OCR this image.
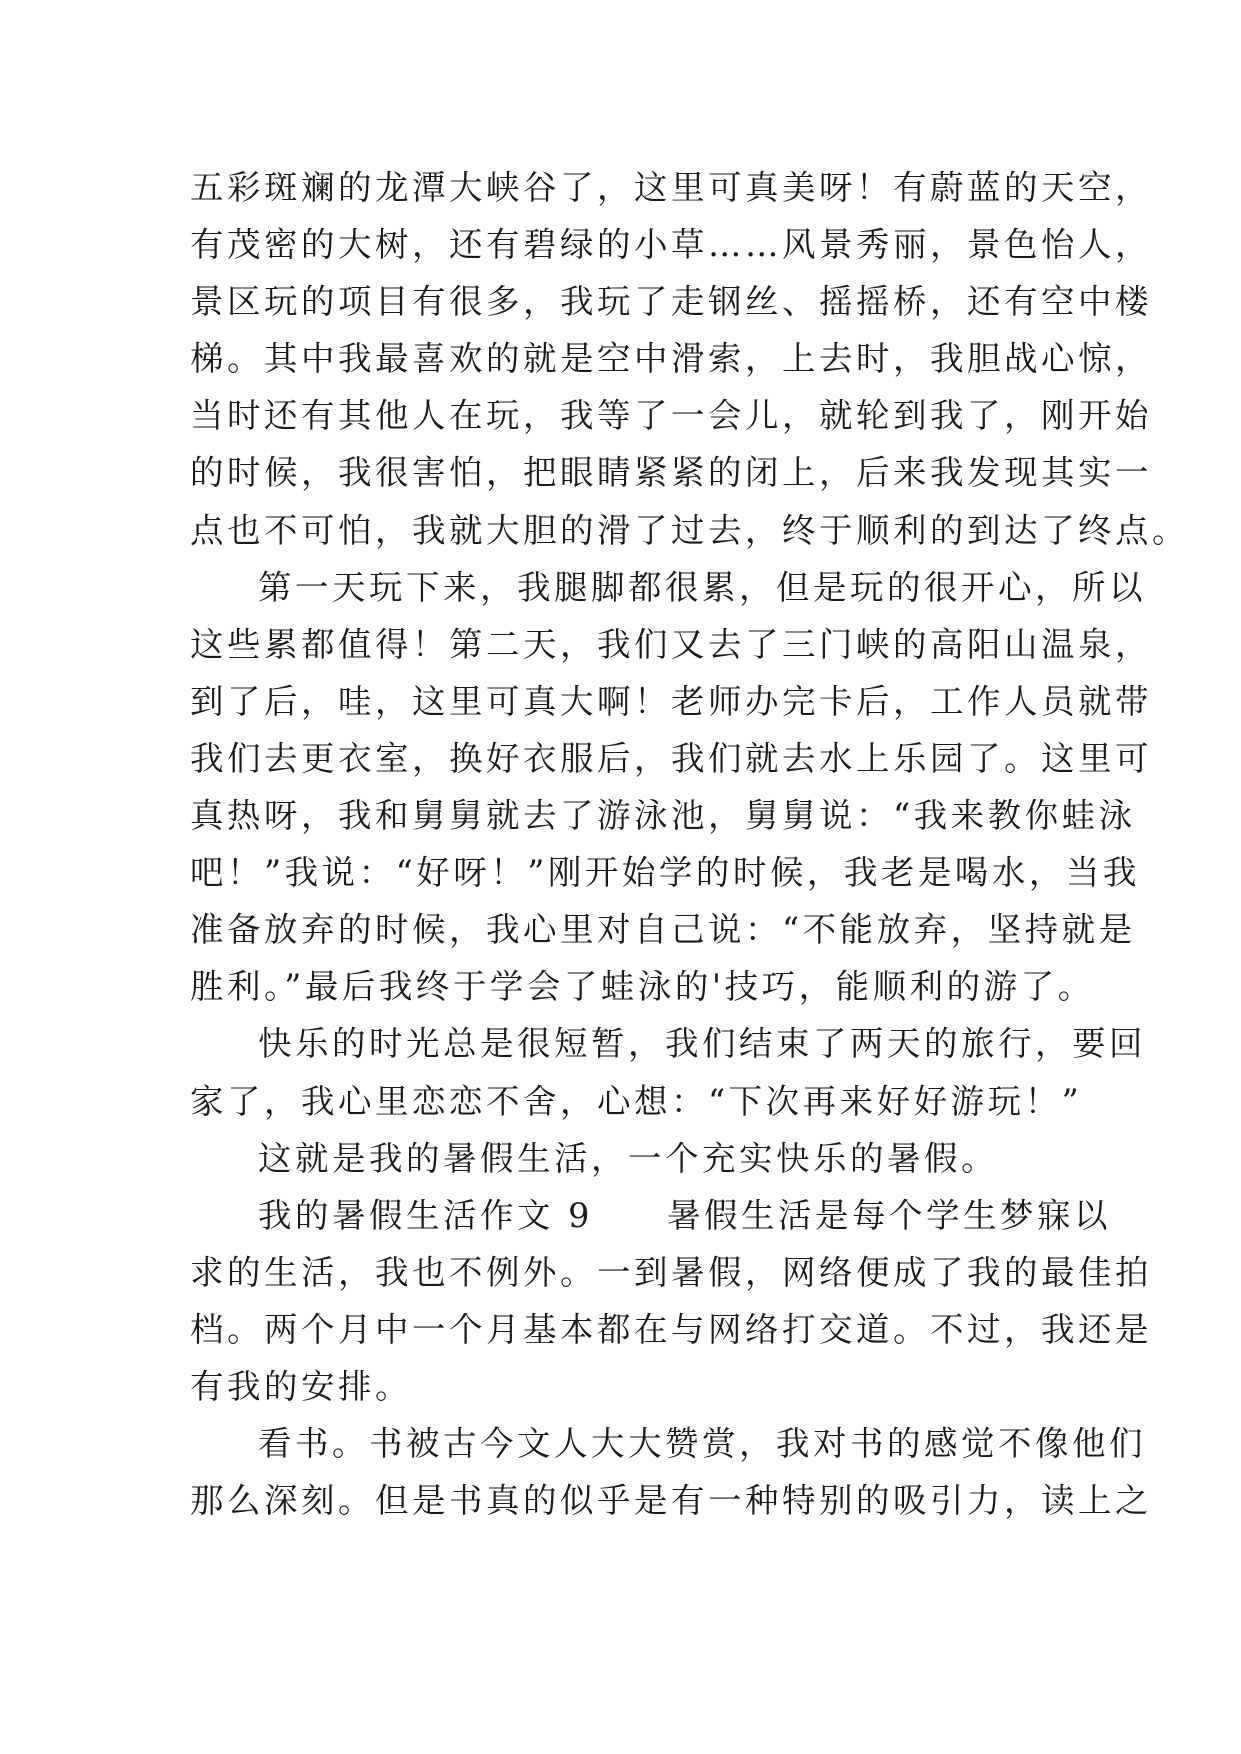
五彩斑斓的龙潭大峡谷了，这里可真美呀！有蔚蓝的天空，
有茂密的大树，还有碧绿的小草……风景秀丽，景色怡人，
景区玩的项目有很多，我玩了走钢丝、摇摇桥，还有空中楼
梯。其中我最喜欢的就是空中滑索，上去时，我胆战心惊，
当时还有其他人在玩，我等了一会儿，就轮到我了，刚开始
的时候，我很害怕，把眼睛紧紧的闭上，后来我发现其实一
点也不可怕，我就大胆的滑了过去，终于顺利的到达了终点。
第一天玩下来，我腿脚都很累，但是玩的很开心，所以
这些累都值得！第二天，我们又去了三门峡的高阳山温泉，
到了后，哇，这里可真大啊！老师办完卡后，工作人员就带
我们去更衣室，换好衣服后，我们就去水上乐园了。这里可
真热呀，我和舅舅就去了游泳池，舅舅说：“我来教你蛙泳
吧！”我说：“好呀！”刚开始学的时候，我老是喝水，当我
准备放弃的时候，我心里对自己说：“不能放弃，坚持就是
胜利。”最后我终于学会了蛙泳的'技巧，能顺利的游了。
快乐的时光总是很短暂，我们结束了两天的旅行，要回
家了，我心里恋恋不舍，心想：“下次再来好好游玩！”
这就是我的暑假生活，一个充实快乐的暑假。
我的暑假生活作文 9　　暑假生活是每个学生梦寐以
求的生活，我也不例外。一到暑假，网络便成了我的最佳拍
档。两个月中一个月基本都在与网络打交道。不过，我还是
有我的安排。
看书。书被古今文人大大赞赏，我对书的感觉不像他们
那么深刻。但是书真的似乎是有一种特别的吸引力，读上之
